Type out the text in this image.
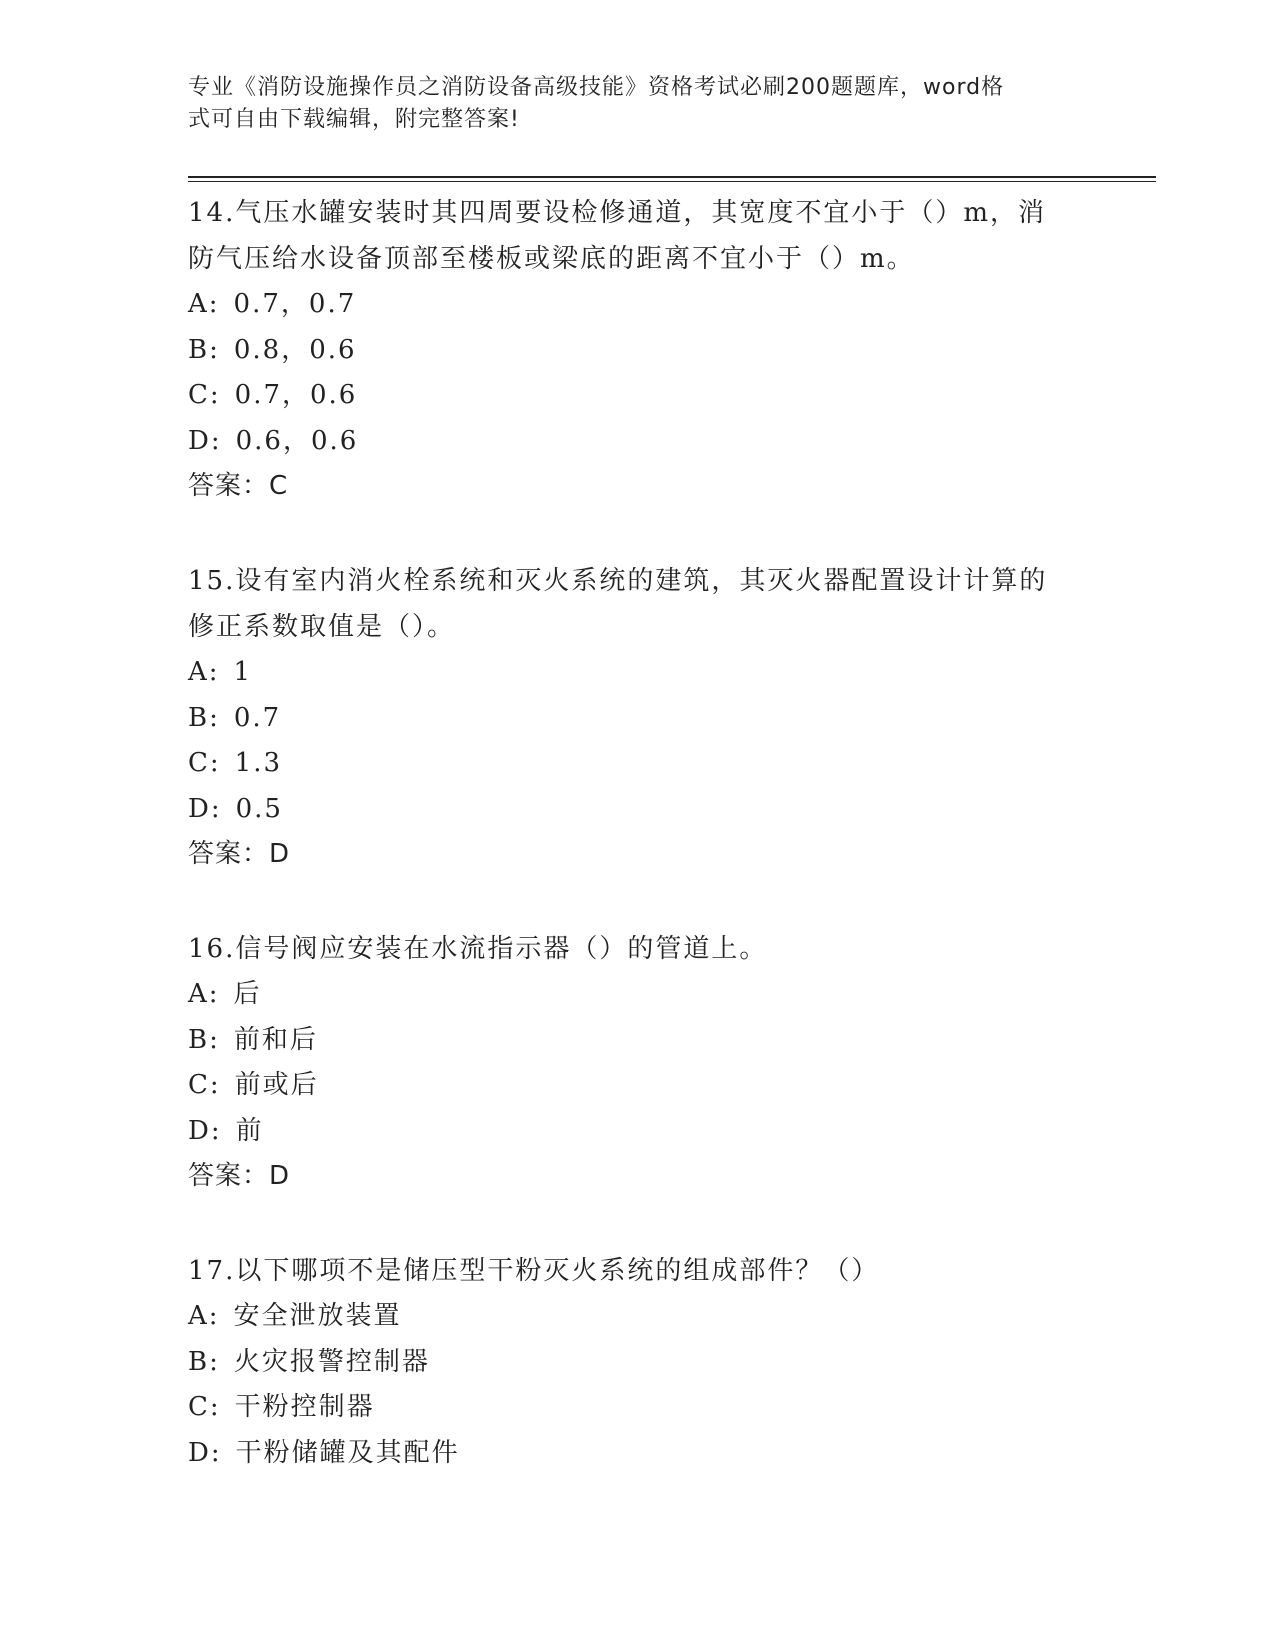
专业《消防设施操作员之消防设备高级技能》资格考试必刷200题题库，word格
式可自由下载编辑，附完整答案!
14.气压水罐安装时其四周要设检修通道，其宽度不宜小于（）m，消
防气压给水设备顶部至楼板或梁底的距离不宜小于（）m。
A: 0.7，0.7
B: 0.8，0.6
C: 0.7，0.6
D: 0.6，0.6
答案：C
15.设有室内消火栓系统和灭火系统的建筑，其灭火器配置设计计算的
修正系数取值是（）。
A: 1
B: 0.7
C: 1.3
D: 0.5
答案：D
16.信号阀应安装在水流指示器（）的管道上。
A: 后
B: 前和后
C: 前或后
D: 前
答案：D
17.以下哪项不是储压型干粉灭火系统的组成部件？（）
A: 安全泄放装置
B: 火灾报警控制器
C: 干粉控制器
D: 干粉储罐及其配件
